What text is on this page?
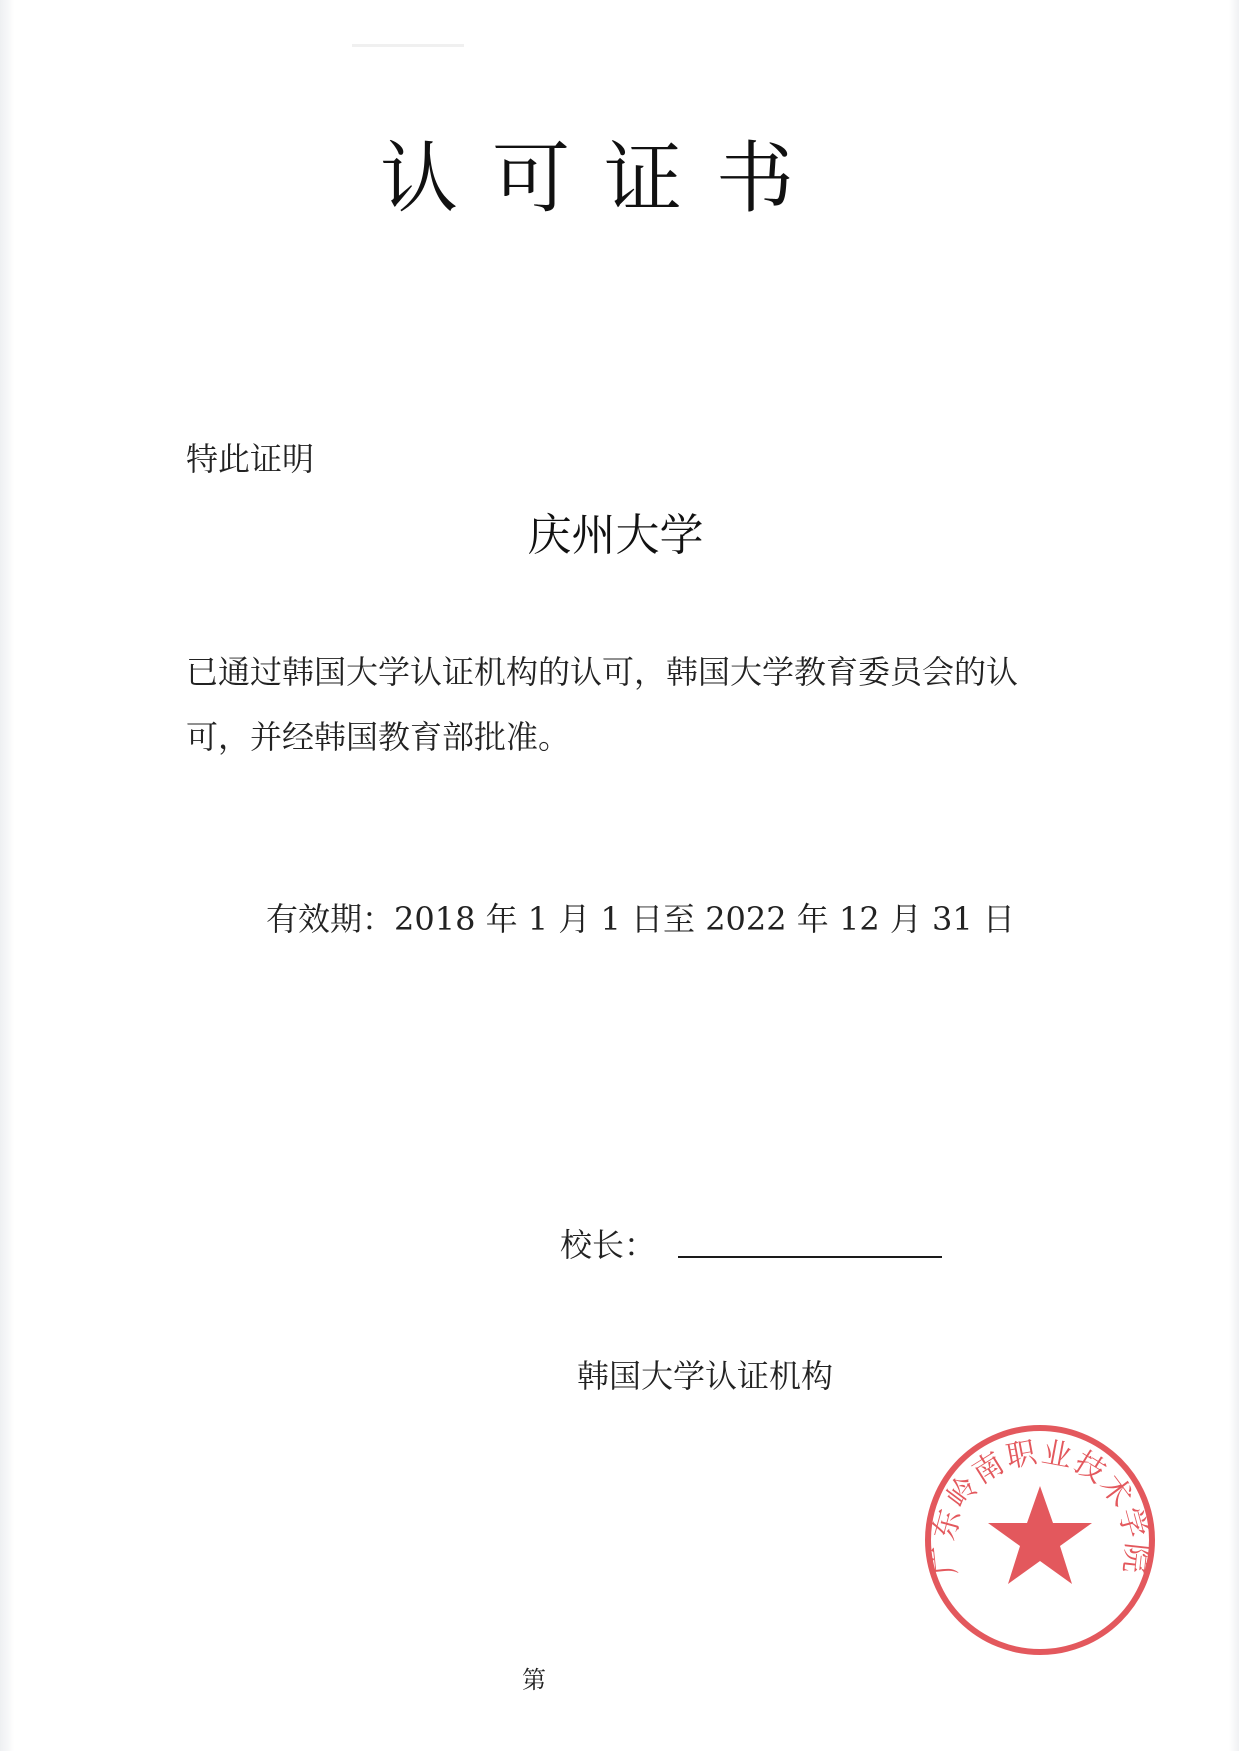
认可证书
特此证明
庆州大学
已通过韩国大学认证机构的认可，韩国大学教育委员会的认可，并经韩国教育部批准。
有效期：2018 年 1 月 1 日至 2022 年 12 月 31 日
校长：
韩国大学认证机构
广东岭南职业技术学院
第
